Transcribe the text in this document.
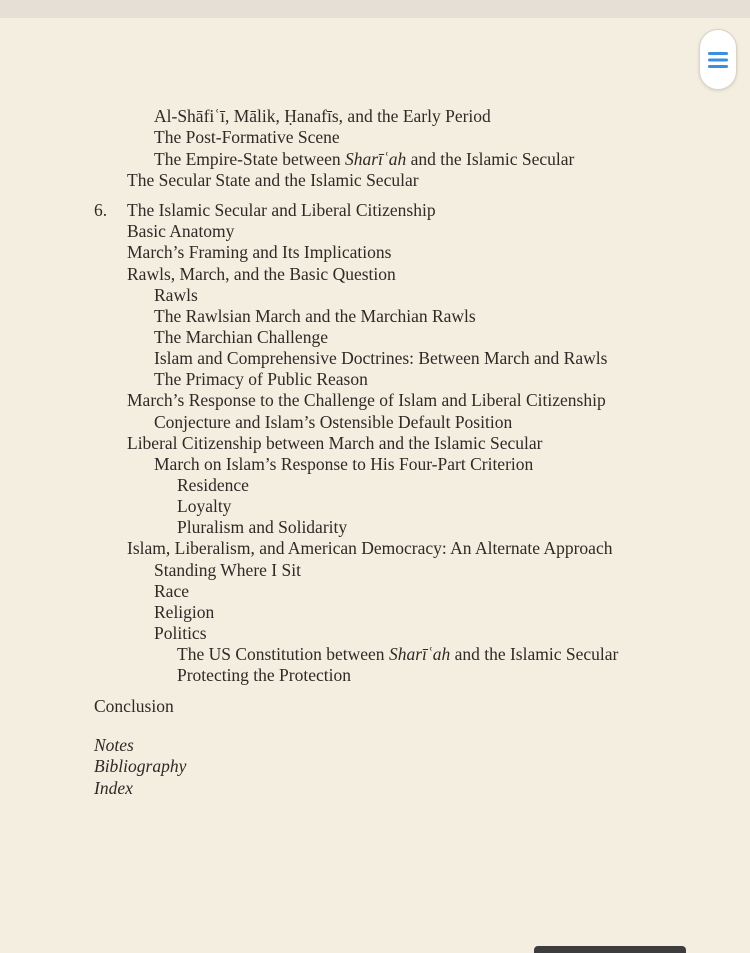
Al-Shāfiʿī, Mālik, Ḥanafīs, and the Early Period
The Post-Formative Scene
The Empire-State between Sharīʿah and the Islamic Secular
The Secular State and the Islamic Secular
6. The Islamic Secular and Liberal Citizenship
Basic Anatomy
March’s Framing and Its Implications
Rawls, March, and the Basic Question
Rawls
The Rawlsian March and the Marchian Rawls
The Marchian Challenge
Islam and Comprehensive Doctrines: Between March and Rawls
The Primacy of Public Reason
March’s Response to the Challenge of Islam and Liberal Citizenship
Conjecture and Islam’s Ostensible Default Position
Liberal Citizenship between March and the Islamic Secular
March on Islam’s Response to His Four-Part Criterion
Residence
Loyalty
Pluralism and Solidarity
Islam, Liberalism, and American Democracy: An Alternate Approach
Standing Where I Sit
Race
Religion
Politics
The US Constitution between Sharīʿah and the Islamic Secular
Protecting the Protection
Conclusion
Notes
Bibliography
Index
